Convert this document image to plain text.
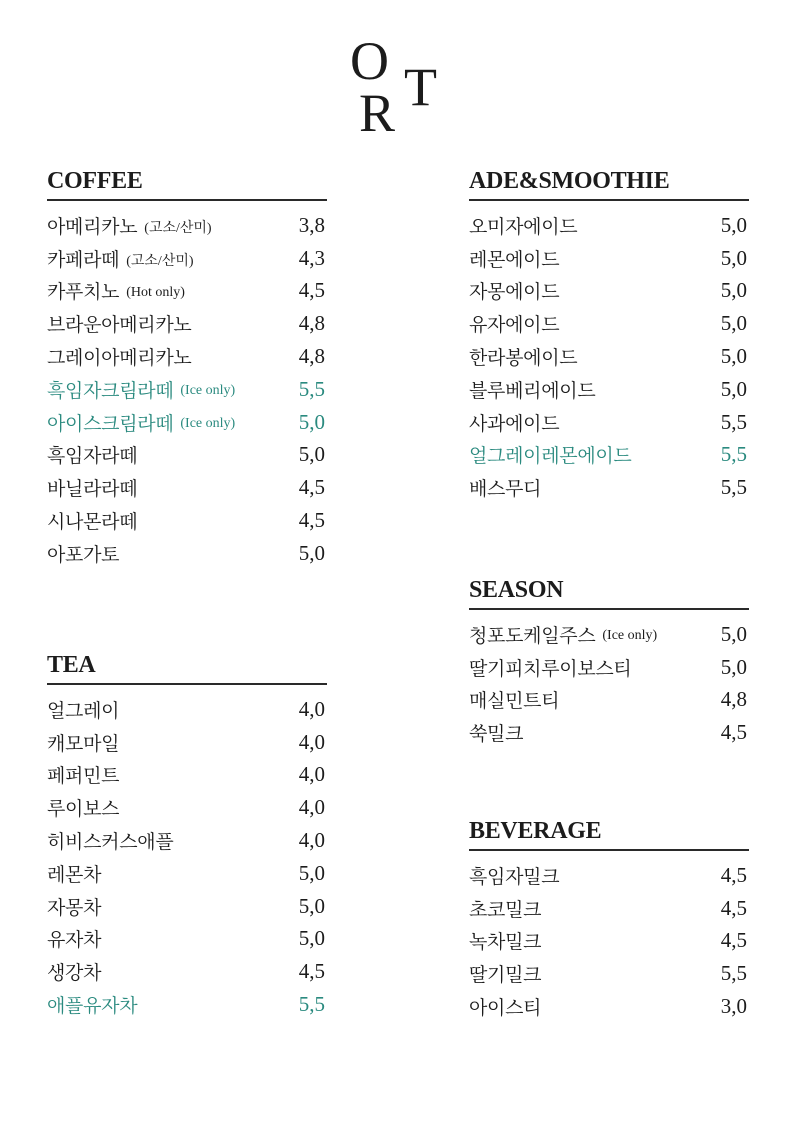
O
R T
COFFEE
아메리카노 (고소/산미)	3,8
카페라떼 (고소/산미)	4,3
카푸치노 (Hot only)	4,5
브라운아메리카노	4,8
그레이아메리카노	4,8
흑임자크림라떼 (Ice only)	5,5
아이스크림라떼 (Ice only)	5,0
흑임자라떼	5,0
바닐라라떼	4,5
시나몬라떼	4,5
아포가토	5,0
TEA
얼그레이	4,0
캐모마일	4,0
페퍼민트	4,0
루이보스	4,0
히비스커스애플	4,0
레몬차	5,0
자몽차	5,0
유자차	5,0
생강차	4,5
애플유자차	5,5
ADE&SMOOTHIE
오미자에이드	5,0
레몬에이드	5,0
자몽에이드	5,0
유자에이드	5,0
한라봉에이드	5,0
블루베리에이드	5,0
사과에이드	5,5
얼그레이레몬에이드	5,5
배스무디	5,5
SEASON
청포도케일주스 (Ice only)	5,0
딸기피치루이보스티	5,0
매실민트티	4,8
쑥밀크	4,5
BEVERAGE
흑임자밀크	4,5
초코밀크	4,5
녹차밀크	4,5
딸기밀크	5,5
아이스티	3,0
